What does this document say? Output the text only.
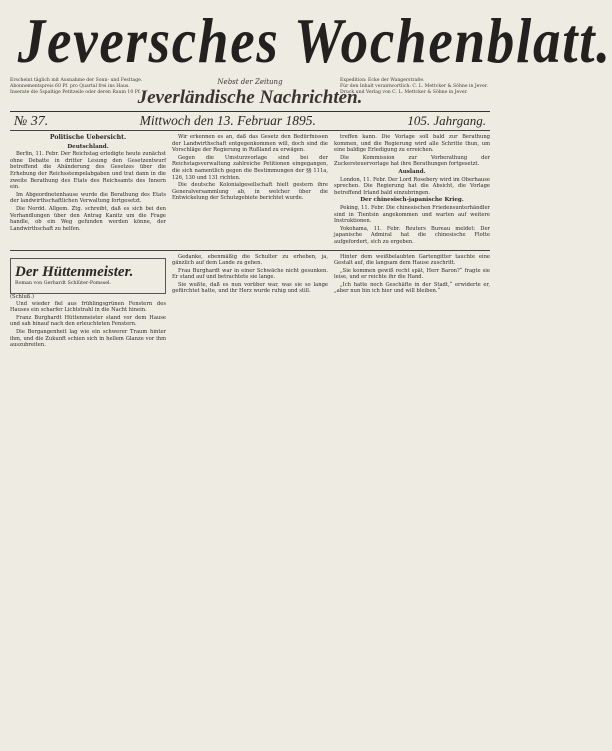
Jeversches Wochenblatt.
Erscheint täglich mit Ausnahme der Sonn- und Festtage.
Abonnementspreis 60 Pf. pro Quartal frei ins Haus.
Inserate die 5spaltige Petitzeile oder deren Raum 10 Pf.
Nebst der Zeitung
Jeverländische Nachrichten.
Expedition: Ecke der Wangerstraße.
Für den Inhalt verantwortlich: C. L. Mettcker & Söhne in Jever.
Druck und Verlag von C. L. Mettcker & Söhne in Jever.
№ 37.	Mittwoch den 13. Februar 1895.	105. Jahrgang.
Politische Uebersicht.
Deutschland.

Berlin, 11. Febr. Der Reichstag erledigte heute zunächst ohne Debatte in dritter Lesung den Gesetzentwurf betreffend die Abänderung des Gesetzes über die Erhebung der Reichsstempelabgaben und trat dann in die zweite Berathung des Etats des Reichsamts des Innern ein.

Im Abgeordnetenhause wurde die Berathung des Etats der landwirthschaftlichen Verwaltung fortgesetzt.

Die Nordd. Allgem. Ztg. schreibt, daß es sich bei den Verhandlungen über den Antrag Kanitz um die Frage handle, ob ein Weg gefunden werden könne, der Landwirthschaft zu helfen.

Wir erkennen es an, daß das Gesetz den Bedürfnissen der Landwirthschaft entgegenkommen will, doch sind die Vorschläge der Regierung in Rußland zu erwägen.

Gegen die Umsturzvorlage sind bei der Reichstagsverwaltung zahlreiche Petitionen eingegangen, die sich namentlich gegen die Bestimmungen der §§ 111a, 126, 130 und 131 richten.

Die deutsche Kolonialgesellschaft hielt gestern ihre Generalversammlung ab, in welcher über die Entwickelung der Schutzgebiete berichtet wurde.

treffen kann. Die Vorlage soll bald zur Berathung kommen, und die Regierung wird alle Schritte thun, um eine baldige Erledigung zu erreichen.

Die Kommission zur Vorberathung der Zuckersteuervorlage hat ihre Berathungen fortgesetzt.

Ausland.

London, 11. Febr. Der Lord Rosebery wird im Oberhause sprechen. Die Regierung hat die Absicht, die Vorlage betreffend Irland bald einzubringen.

Der chinesisch-japanische Krieg.

Peking, 11. Febr. Die chinesischen Friedensunterhändler sind in Tientsin angekommen und warten auf weitere Instruktionen.

Yokohama, 11. Febr. Reuters Bureau meldet: Der japanische Admiral hat die chinesische Flotte aufgefordert, sich zu ergeben.

Der Hüttenmeister.
Roman von Gerhardt Schlüter-Pomssel.
(Schluß.)

Und wieder fiel aus frühlingsgrünen Fenstern des Hauses ein scharfer Lichtstrahl in die Nacht hinein.

Franz Burghardt Hüttenmeister stand vor dem Hause und sah hinauf nach den erleuchteten Fenstern.

Die Bergangenheit lag wie ein schwerer Traum hinter ihm, und die Zukunft schien sich in hellem Glanze vor ihm auszubreiten.

Gedanke, ebenmäßig die Schulter zu erheben, ja, gänzlich auf dem Lande zu gehen.

Frau Burghardt war in einer Schwäche nicht gesunken. Er stand auf und betrachtete sie lange.

Sie wußte, daß es nun vorüber war, was sie so lange gefürchtet hatte, und ihr Herz wurde ruhig und still.

Hinter dem weißbelaubten Gartengitter tauchte eine Gestalt auf, die langsam dem Hause zuschritt.

„Sie kommen gewiß recht spät, Herr Baron?“ fragte sie leise, und er reichte ihr die Hand.

„Ich hatte noch Geschäfte in der Stadt,“ erwiderte er, „aber nun bin ich hier und will bleiben.“
